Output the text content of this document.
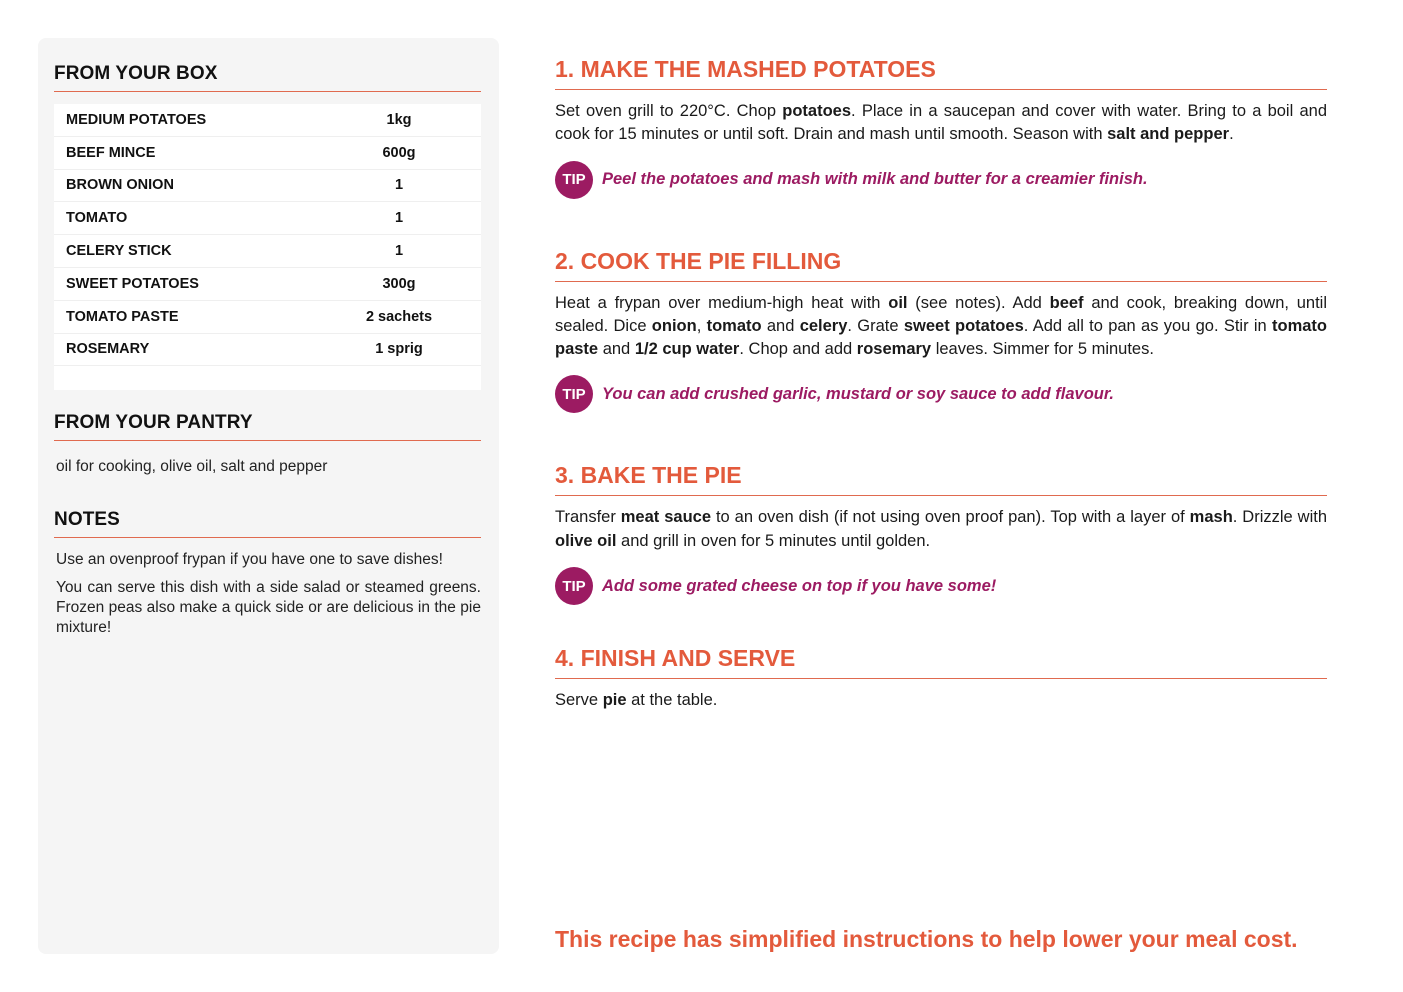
FROM YOUR BOX
MEDIUM POTATOES	1kg
BEEF MINCE	600g
BROWN ONION	1
TOMATO	1
CELERY STICK	1
SWEET POTATOES	300g
TOMATO PASTE	2 sachets
ROSEMARY	1 sprig
FROM YOUR PANTRY
oil for cooking, olive oil, salt and pepper
NOTES

Use an ovenproof frypan if you have one to save dishes!

You can serve this dish with a side salad or steamed greens. Frozen peas also make a quick side or are delicious in the pie mixture!

1. MAKE THE MASHED POTATOES

Set oven grill to 220°C. Chop potatoes. Place in a saucepan and cover with water. Bring to a boil and cook for 15 minutes or until soft. Drain and mash until smooth. Season with salt and pepper.

TIP Peel the potatoes and mash with milk and butter for a creamier finish.
2. COOK THE PIE FILLING

Heat a frypan over medium-high heat with oil (see notes). Add beef and cook, breaking down, until sealed. Dice onion, tomato and celery. Grate sweet potatoes. Add all to pan as you go. Stir in tomato paste and 1/2 cup water. Chop and add rosemary leaves. Simmer for 5 minutes.

TIP You can add crushed garlic, mustard or soy sauce to add flavour.
3. BAKE THE PIE

Transfer meat sauce to an oven dish (if not using oven proof pan). Top with a layer of mash. Drizzle with olive oil and grill in oven for 5 minutes until golden.

TIP Add some grated cheese on top if you have some!
4. FINISH AND SERVE

Serve pie at the table.

This recipe has simplified instructions to help lower your meal cost.
